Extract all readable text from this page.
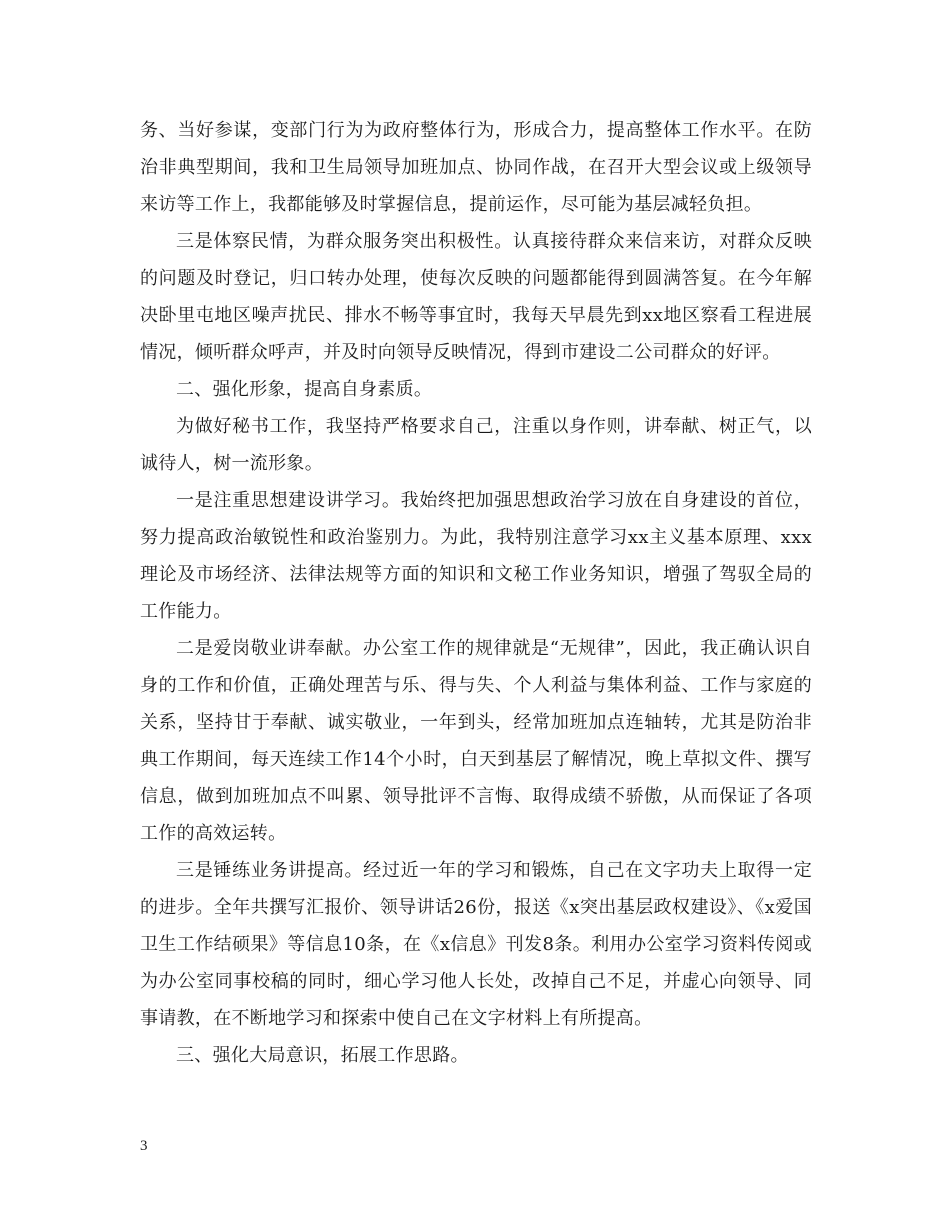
务、当好参谋，变部门行为为政府整体行为，形成合力，提高整体工作水平。在防治非典型期间，我和卫生局领导加班加点、协同作战，在召开大型会议或上级领导来访等工作上，我都能够及时掌握信息，提前运作，尽可能为基层减轻负担。

三是体察民情，为群众服务突出积极性。认真接待群众来信来访，对群众反映的问题及时登记，归口转办处理，使每次反映的问题都能得到圆满答复。在今年解决卧里屯地区噪声扰民、排水不畅等事宜时，我每天早晨先到xx地区察看工程进展情况，倾听群众呼声，并及时向领导反映情况，得到市建设二公司群众的好评。

二、强化形象，提高自身素质。

为做好秘书工作，我坚持严格要求自己，注重以身作则，讲奉献、树正气，以诚待人，树一流形象。

一是注重思想建设讲学习。我始终把加强思想政治学习放在自身建设的首位，努力提高政治敏锐性和政治鉴别力。为此，我特别注意学习xx主义基本原理、xxx理论及市场经济、法律法规等方面的知识和文秘工作业务知识，增强了驾驭全局的工作能力。

二是爱岗敬业讲奉献。办公室工作的规律就是“无规律”，因此，我正确认识自身的工作和价值，正确处理苦与乐、得与失、个人利益与集体利益、工作与家庭的关系，坚持甘于奉献、诚实敬业，一年到头，经常加班加点连轴转，尤其是防治非典工作期间，每天连续工作14个小时，白天到基层了解情况，晚上草拟文件、撰写信息，做到加班加点不叫累、领导批评不言悔、取得成绩不骄傲，从而保证了各项工作的高效运转。

三是锤练业务讲提高。经过近一年的学习和锻炼，自己在文字功夫上取得一定的进步。全年共撰写汇报价、领导讲话26份，报送《x突出基层政权建设》、《x爱国卫生工作结硕果》等信息10条，在《x信息》刊发8条。利用办公室学习资料传阅或为办公室同事校稿的同时，细心学习他人长处，改掉自己不足，并虚心向领导、同事请教，在不断地学习和探索中使自己在文字材料上有所提高。

三、强化大局意识，拓展工作思路。

3
